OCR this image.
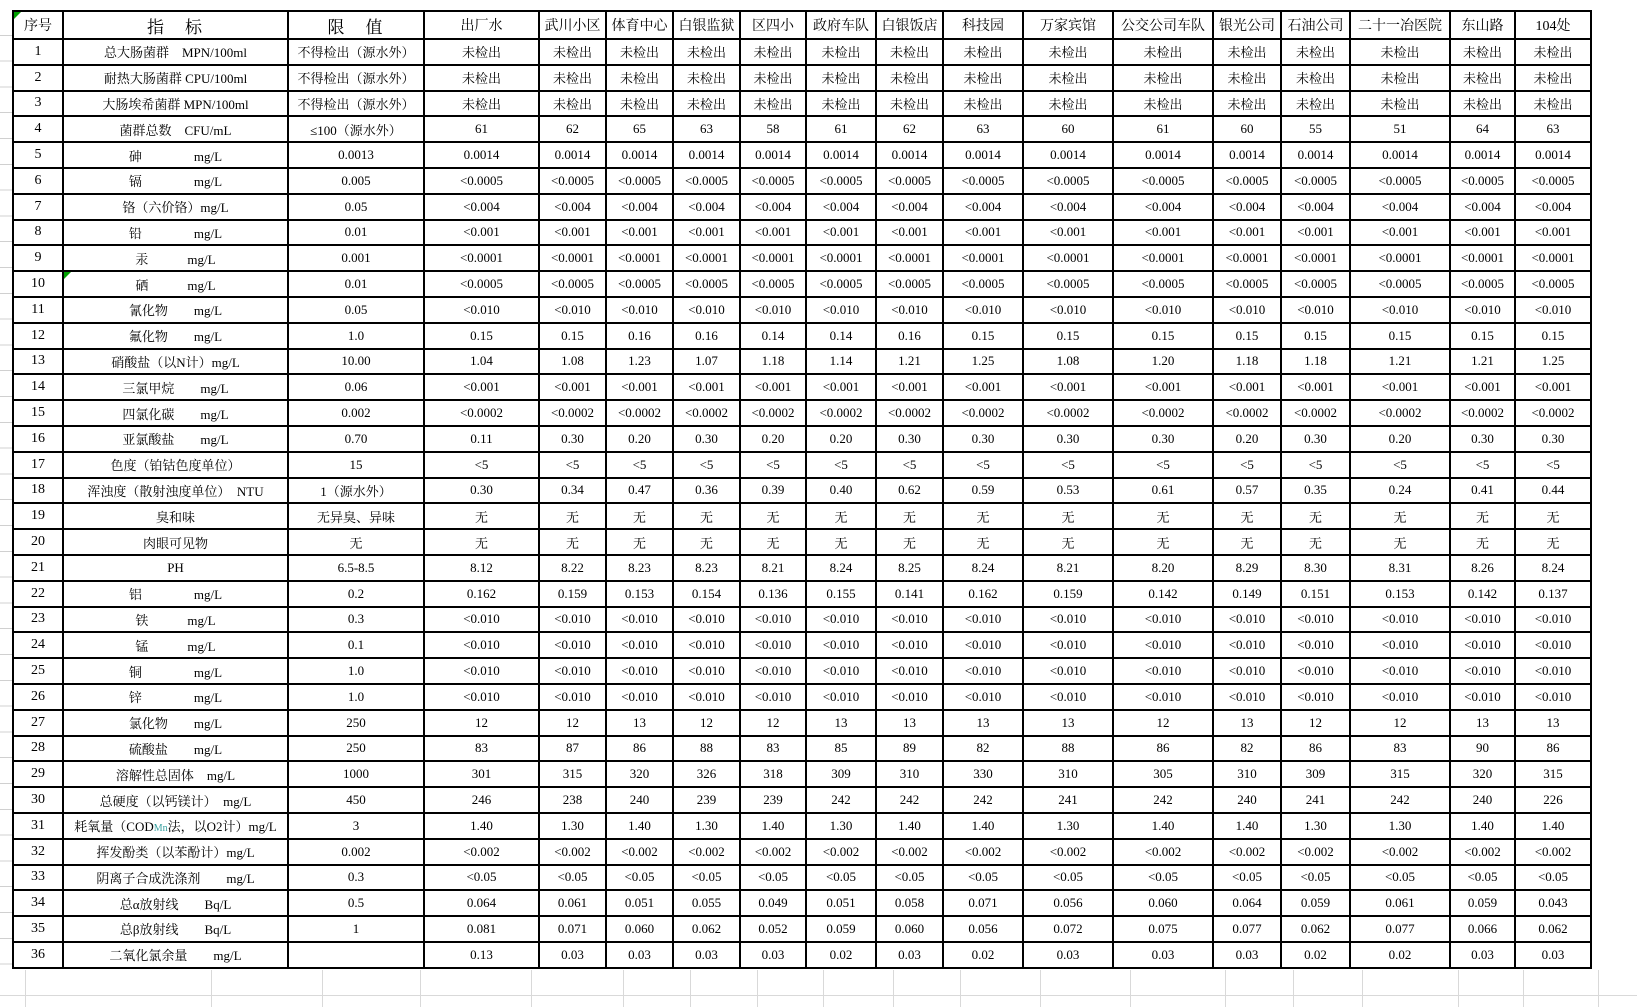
序号	指　标	限　值	出厂水	武川小区	体育中心	白银监狱	区四小	政府车队	白银饭店	科技园	万家宾馆	公交公司车队	银光公司	石油公司	二十一冶医院	东山路	104处
1	总大肠菌群　MPN/100ml	不得检出（源水外）	未检出	未检出	未检出	未检出	未检出	未检出	未检出	未检出	未检出	未检出	未检出	未检出	未检出	未检出	未检出
2	耐热大肠菌群 CPU/100ml	不得检出（源水外）	未检出	未检出	未检出	未检出	未检出	未检出	未检出	未检出	未检出	未检出	未检出	未检出	未检出	未检出	未检出
3	大肠埃希菌群 MPN/100ml	不得检出（源水外）	未检出	未检出	未检出	未检出	未检出	未检出	未检出	未检出	未检出	未检出	未检出	未检出	未检出	未检出	未检出
4	菌群总数　CFU/mL	≤100（源水外）	61	62	65	63	58	61	62	63	60	61	60	55	51	64	63
5	砷　　　　mg/L	0.0013	0.0014	0.0014	0.0014	0.0014	0.0014	0.0014	0.0014	0.0014	0.0014	0.0014	0.0014	0.0014	0.0014	0.0014	0.0014
6	镉　　　　mg/L	0.005	<0.0005	<0.0005	<0.0005	<0.0005	<0.0005	<0.0005	<0.0005	<0.0005	<0.0005	<0.0005	<0.0005	<0.0005	<0.0005	<0.0005	<0.0005
7	铬（六价铬）mg/L	0.05	<0.004	<0.004	<0.004	<0.004	<0.004	<0.004	<0.004	<0.004	<0.004	<0.004	<0.004	<0.004	<0.004	<0.004	<0.004
8	铅　　　　mg/L	0.01	<0.001	<0.001	<0.001	<0.001	<0.001	<0.001	<0.001	<0.001	<0.001	<0.001	<0.001	<0.001	<0.001	<0.001	<0.001
9	汞　　　mg/L	0.001	<0.0001	<0.0001	<0.0001	<0.0001	<0.0001	<0.0001	<0.0001	<0.0001	<0.0001	<0.0001	<0.0001	<0.0001	<0.0001	<0.0001	<0.0001
10	硒　　　mg/L	0.01	<0.0005	<0.0005	<0.0005	<0.0005	<0.0005	<0.0005	<0.0005	<0.0005	<0.0005	<0.0005	<0.0005	<0.0005	<0.0005	<0.0005	<0.0005
11	氰化物　　mg/L	0.05	<0.010	<0.010	<0.010	<0.010	<0.010	<0.010	<0.010	<0.010	<0.010	<0.010	<0.010	<0.010	<0.010	<0.010	<0.010
12	氟化物　　mg/L	1.0	0.15	0.15	0.16	0.16	0.14	0.14	0.16	0.15	0.15	0.15	0.15	0.15	0.15	0.15	0.15
13	硝酸盐（以N计）mg/L	10.00	1.04	1.08	1.23	1.07	1.18	1.14	1.21	1.25	1.08	1.20	1.18	1.18	1.21	1.21	1.25
14	三氯甲烷　　mg/L	0.06	<0.001	<0.001	<0.001	<0.001	<0.001	<0.001	<0.001	<0.001	<0.001	<0.001	<0.001	<0.001	<0.001	<0.001	<0.001
15	四氯化碳　　mg/L	0.002	<0.0002	<0.0002	<0.0002	<0.0002	<0.0002	<0.0002	<0.0002	<0.0002	<0.0002	<0.0002	<0.0002	<0.0002	<0.0002	<0.0002	<0.0002
16	亚氯酸盐　　mg/L	0.70	0.11	0.30	0.20	0.30	0.20	0.20	0.30	0.30	0.30	0.30	0.20	0.30	0.20	0.30	0.30
17	色度（铂钴色度单位）	15	<5	<5	<5	<5	<5	<5	<5	<5	<5	<5	<5	<5	<5	<5	<5
18	浑浊度（散射浊度单位）　NTU	1（源水外）	0.30	0.34	0.47	0.36	0.39	0.40	0.62	0.59	0.53	0.61	0.57	0.35	0.24	0.41	0.44
19	臭和味	无异臭、异味	无	无	无	无	无	无	无	无	无	无	无	无	无	无	无
20	肉眼可见物	无	无	无	无	无	无	无	无	无	无	无	无	无	无	无	无
21	PH	6.5-8.5	8.12	8.22	8.23	8.23	8.21	8.24	8.25	8.24	8.21	8.20	8.29	8.30	8.31	8.26	8.24
22	铝　　　　mg/L	0.2	0.162	0.159	0.153	0.154	0.136	0.155	0.141	0.162	0.159	0.142	0.149	0.151	0.153	0.142	0.137
23	铁　　　mg/L	0.3	<0.010	<0.010	<0.010	<0.010	<0.010	<0.010	<0.010	<0.010	<0.010	<0.010	<0.010	<0.010	<0.010	<0.010	<0.010
24	锰　　　mg/L	0.1	<0.010	<0.010	<0.010	<0.010	<0.010	<0.010	<0.010	<0.010	<0.010	<0.010	<0.010	<0.010	<0.010	<0.010	<0.010
25	铜　　　　mg/L	1.0	<0.010	<0.010	<0.010	<0.010	<0.010	<0.010	<0.010	<0.010	<0.010	<0.010	<0.010	<0.010	<0.010	<0.010	<0.010
26	锌　　　　mg/L	1.0	<0.010	<0.010	<0.010	<0.010	<0.010	<0.010	<0.010	<0.010	<0.010	<0.010	<0.010	<0.010	<0.010	<0.010	<0.010
27	氯化物　　mg/L	250	12	12	13	12	12	13	13	13	13	12	13	12	12	13	13
28	硫酸盐　　mg/L	250	83	87	86	88	83	85	89	82	88	86	82	86	83	90	86
29	溶解性总固体　mg/L	1000	301	315	320	326	318	309	310	330	310	305	310	309	315	320	315
30	总硬度（以钙镁计）　mg/L	450	246	238	240	239	239	242	242	242	241	242	240	241	242	240	226
31	耗氧量（CODMn法，以O2计）mg/L	3	1.40	1.30	1.40	1.30	1.40	1.30	1.40	1.40	1.30	1.40	1.40	1.30	1.30	1.40	1.40
32	挥发酚类（以苯酚计）mg/L	0.002	<0.002	<0.002	<0.002	<0.002	<0.002	<0.002	<0.002	<0.002	<0.002	<0.002	<0.002	<0.002	<0.002	<0.002	<0.002
33	阴离子合成洗涤剂　　mg/L	0.3	<0.05	<0.05	<0.05	<0.05	<0.05	<0.05	<0.05	<0.05	<0.05	<0.05	<0.05	<0.05	<0.05	<0.05	<0.05
34	总α放射线　　Bq/L	0.5	0.064	0.061	0.051	0.055	0.049	0.051	0.058	0.071	0.056	0.060	0.064	0.059	0.061	0.059	0.043
35	总β放射线　　Bq/L	1	0.081	0.071	0.060	0.062	0.052	0.059	0.060	0.056	0.072	0.075	0.077	0.062	0.077	0.066	0.062
36	二氧化氯余量　　mg/L		0.13	0.03	0.03	0.03	0.03	0.02	0.03	0.02	0.03	0.03	0.03	0.02	0.02	0.03	0.03
